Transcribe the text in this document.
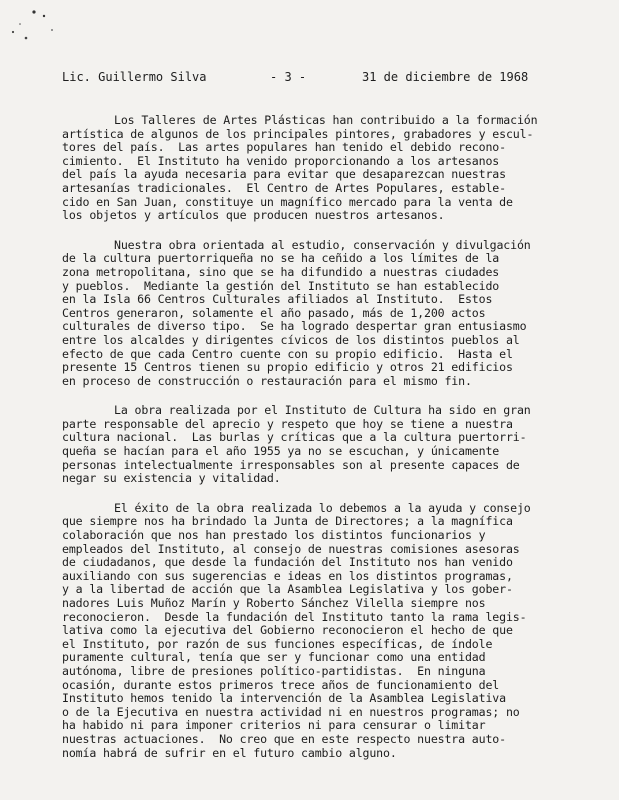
Lic. Guillermo Silva

	- 3 -

	31 de diciembre de 1968

Los Talleres de Artes Plásticas han contribuido a la formación
artística de algunos de los principales pintores, grabadores y escul-
tores del país.  Las artes populares han tenido el debido recono-
cimiento.  El Instituto ha venido proporcionando a los artesanos
del país la ayuda necesaria para evitar que desaparezcan nuestras
artesanías tradicionales.  El Centro de Artes Populares, estable-
cido en San Juan, constituye un magnífico mercado para la venta de
los objetos y artículos que producen nuestros artesanos.
Nuestra obra orientada al estudio, conservación y divulgación
de la cultura puertorriqueña no se ha ceñido a los límites de la
zona metropolitana, sino que se ha difundido a nuestras ciudades
y pueblos.  Mediante la gestión del Instituto se han establecido
en la Isla 66 Centros Culturales afiliados al Instituto.  Estos
Centros generaron, solamente el año pasado, más de 1,200 actos
culturales de diverso tipo.  Se ha logrado despertar gran entusiasmo
entre los alcaldes y dirigentes cívicos de los distintos pueblos al
efecto de que cada Centro cuente con su propio edificio.  Hasta el
presente 15 Centros tienen su propio edificio y otros 21 edificios
en proceso de construcción o restauración para el mismo fin.
La obra realizada por el Instituto de Cultura ha sido en gran
parte responsable del aprecio y respeto que hoy se tiene a nuestra
cultura nacional.  Las burlas y críticas que a la cultura puertorri-
queña se hacían para el año 1955 ya no se escuchan, y únicamente
personas intelectualmente irresponsables son al presente capaces de
negar su existencia y vitalidad.
El éxito de la obra realizada lo debemos a la ayuda y consejo
que siempre nos ha brindado la Junta de Directores; a la magnífica
colaboración que nos han prestado los distintos funcionarios y
empleados del Instituto, al consejo de nuestras comisiones asesoras
de ciudadanos, que desde la fundación del Instituto nos han venido
auxiliando con sus sugerencias e ideas en los distintos programas,
y a la libertad de acción que la Asamblea Legislativa y los gober-
nadores Luis Muñoz Marín y Roberto Sánchez Vilella siempre nos
reconocieron.  Desde la fundación del Instituto tanto la rama legis-
lativa como la ejecutiva del Gobierno reconocieron el hecho de que
el Instituto, por razón de sus funciones específicas, de índole
puramente cultural, tenía que ser y funcionar como una entidad
autónoma, libre de presiones político-partidistas.  En ninguna
ocasión, durante estos primeros trece años de funcionamiento del
Instituto hemos tenido la intervención de la Asamblea Legislativa
o de la Ejecutiva en nuestra actividad ni en nuestros programas; no
ha habido ni para imponer criterios ni para censurar o limitar
nuestras actuaciones.  No creo que en este respecto nuestra auto-
nomía habrá de sufrir en el futuro cambio alguno.
